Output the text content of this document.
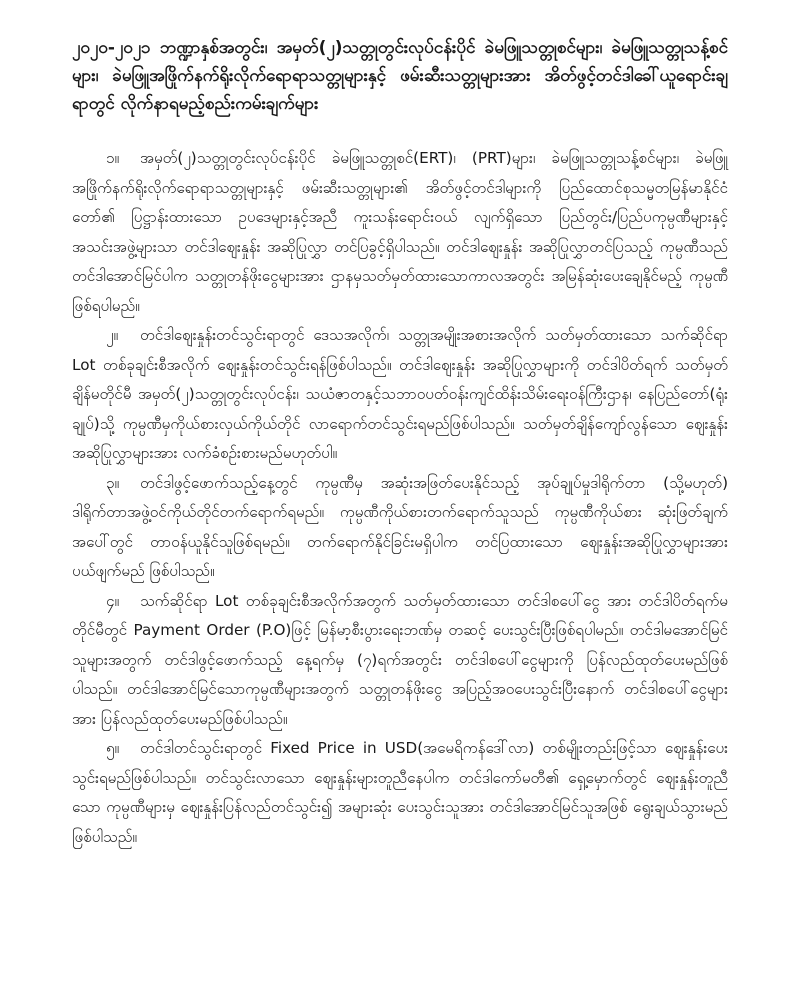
၂၀၂၀-၂၀၂၁ ဘဏ္ဍာနှစ်အတွင်း၊ အမှတ်(၂)သတ္တုတွင်းလုပ်ငန်းပိုင် ခဲမဖြူသတ္တုစင်များ၊ ခဲမဖြူသတ္တုသန့်စင်များ၊ ခဲမဖြူအဖြိုက်နက်ရိုးလိုက်ရောရာသတ္တုများနှင့် ဖမ်းဆီးသတ္တုများအား အိတ်ဖွင့်တင်ဒါခေါ်ယူရောင်းချရာတွင် လိုက်နာရမည့်စည်းကမ်းချက်များ

၁။ အမှတ်(၂)သတ္တုတွင်းလုပ်ငန်းပိုင် ခဲမဖြူသတ္တုစင်(ERT)၊ (PRT)များ၊ ခဲမဖြူသတ္တုသန့်စင်များ၊ ခဲမဖြူအဖြိုက်နက်ရိုးလိုက်ရောရာသတ္တုများနှင့် ဖမ်းဆီးသတ္တုများ၏ အိတ်ဖွင့်တင်ဒါများကို ပြည်ထောင်စုသမ္မတမြန်မာနိုင်ငံတော်၏ ပြဋ္ဌာန်းထားသော ဥပဒေများနှင့်အညီ ကူးသန်းရောင်းဝယ် လျက်ရှိသော ပြည်တွင်း/ပြည်ပကုမ္ပဏီများနှင့် အသင်းအဖွဲ့များသာ တင်ဒါဈေးနှုန်း အဆိုပြုလွှာ တင်ပြခွင့်ရှိပါသည်။ တင်ဒါဈေးနှုန်း အဆိုပြုလွှာတင်ပြသည့် ကုမ္ပဏီသည် တင်ဒါအောင်မြင်ပါက သတ္တုတန်ဖိုးငွေများအား ဌာနမှသတ်မှတ်ထားသောကာလအတွင်း အမြန်ဆုံးပေးချေနိုင်မည့် ကုမ္ပဏီဖြစ်ရပါမည်။

၂။ တင်ဒါဈေးနှုန်းတင်သွင်းရာတွင် ဒေသအလိုက်၊ သတ္တုအမျိုးအစားအလိုက် သတ်မှတ်ထားသော သက်ဆိုင်ရာ Lot တစ်ခုချင်းစီအလိုက် ဈေးနှုန်းတင်သွင်းရန်ဖြစ်ပါသည်။ တင်ဒါဈေးနှုန်း အဆိုပြုလွှာများကို တင်ဒါပိတ်ရက် သတ်မှတ်ချိန်မတိုင်မီ အမှတ်(၂)သတ္တုတွင်းလုပ်ငန်း၊ သယံဇာတနှင့်သဘာဝပတ်ဝန်းကျင်ထိန်းသိမ်းရေးဝန်ကြီးဌာန၊ နေပြည်တော်(ရုံးချုပ်)သို့ ကုမ္ပဏီမှကိုယ်စားလှယ်ကိုယ်တိုင် လာရောက်တင်သွင်းရမည်ဖြစ်ပါသည်။ သတ်မှတ်ချိန်ကျော်လွန်သော ဈေးနှုန်းအဆိုပြုလွှာများအား လက်ခံစဉ်းစားမည်မဟုတ်ပါ။

၃။ တင်ဒါဖွင့်ဖောက်သည့်နေ့တွင် ကုမ္ပဏီမှ အဆုံးအဖြတ်ပေးနိုင်သည့် အုပ်ချုပ်မှုဒါရိုက်တာ (သို့မဟုတ်) ဒါရိုက်တာအဖွဲ့ဝင်ကိုယ်တိုင်တက်ရောက်ရမည်။ ကုမ္ပဏီကိုယ်စားတက်ရောက်သူသည် ကုမ္ပဏီကိုယ်စား ဆုံးဖြတ်ချက်အပေါ်တွင် တာဝန်ယူနိုင်သူဖြစ်ရမည်။ တက်ရောက်နိုင်ခြင်းမရှိပါက တင်ပြထားသော ဈေးနှုန်းအဆိုပြုလွှာများအား ပယ်ဖျက်မည် ဖြစ်ပါသည်။

၄။ သက်ဆိုင်ရာ Lot တစ်ခုချင်းစီအလိုက်အတွက် သတ်မှတ်ထားသော တင်ဒါစပေါ်ငွေ အား တင်ဒါပိတ်ရက်မတိုင်မီတွင် Payment Order (P.O)ဖြင့် မြန်မာ့စီးပွားရေးဘဏ်မှ တဆင့် ပေးသွင်းပြီးဖြစ်ရပါမည်။ တင်ဒါမအောင်မြင် သူများအတွက် တင်ဒါဖွင့်ဖောက်သည့် နေ့ရက်မှ (၇)ရက်အတွင်း တင်ဒါစပေါ်ငွေများကို ပြန်လည်ထုတ်ပေးမည်ဖြစ်ပါသည်။ တင်ဒါအောင်မြင်သောကုမ္ပဏီများအတွက် သတ္တုတန်ဖိုးငွေ အပြည့်အဝပေးသွင်းပြီးနောက် တင်ဒါစပေါ်ငွေများအား ပြန်လည်ထုတ်ပေးမည်ဖြစ်ပါသည်။

၅။ တင်ဒါတင်သွင်းရာတွင် Fixed Price in USD(အမေရိကန်ဒေါ်လာ) တစ်မျိုးတည်းဖြင့်သာ ဈေးနှုန်းပေးသွင်းရမည်ဖြစ်ပါသည်။ တင်သွင်းလာသော ဈေးနှုန်းများတူညီနေပါက တင်ဒါကော်မတီ၏ ရှေ့မှောက်တွင် ဈေးနှုန်းတူညီသော ကုမ္ပဏီများမှ ဈေးနှုန်းပြန်လည်တင်သွင်း၍ အများဆုံး ပေးသွင်းသူအား တင်ဒါအောင်မြင်သူအဖြစ် ရွေးချယ်သွားမည်ဖြစ်ပါသည်။
